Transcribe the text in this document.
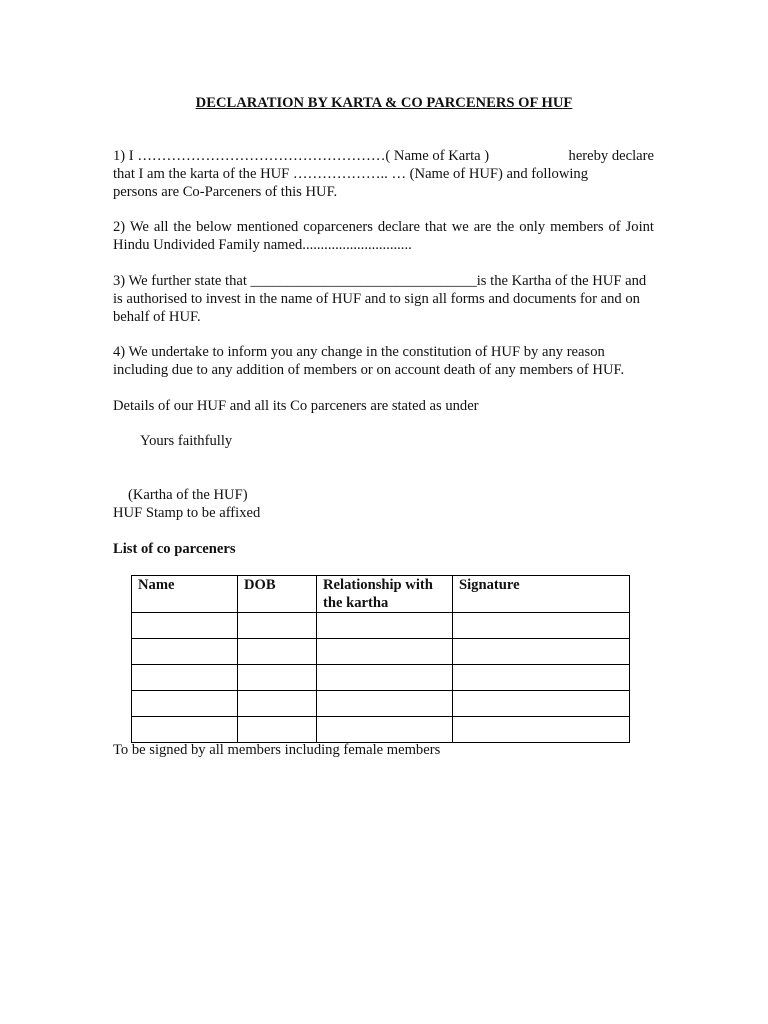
DECLARATION BY KARTA & CO PARCENERS OF HUF
1) I ……………………………………………( Name of Karta )	hereby declare
that I am the karta of the HUF ……………….. … (Name of HUF) and following
persons are Co-Parceners of this HUF.

2) We all the below mentioned coparceners declare that we are the only members of Joint Hindu Undivided Family named..............................

3) We further state that _______________________________is the Kartha of the HUF and is authorised to invest in the name of HUF and to sign all forms and documents for and on behalf of HUF.

4) We undertake to inform you any change in the constitution of HUF by any reason including due to any addition of members or on account death of any members of HUF.

Details of our HUF and all its Co parceners are stated as under

Yours faithfully
(Kartha of the HUF)
HUF Stamp to be affixed
List of co parceners
Name	DOB	Relationship with the kartha	Signature

To be signed by all members including female members
